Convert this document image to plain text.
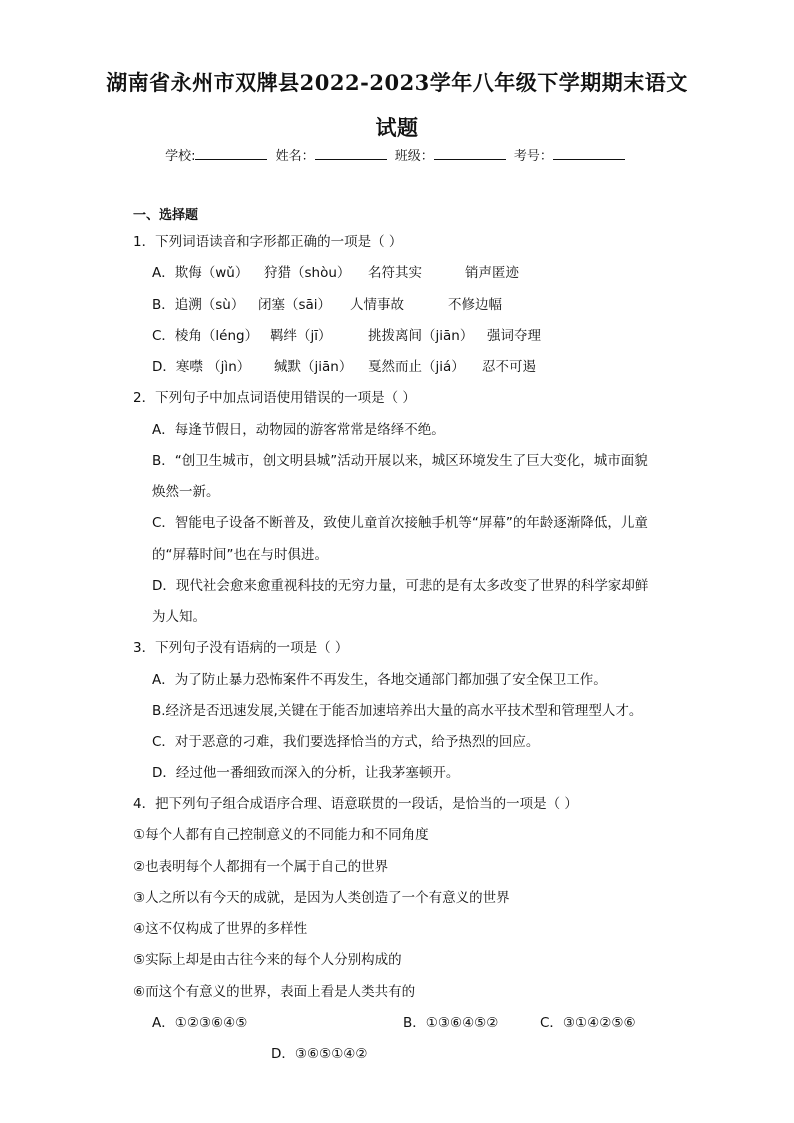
湖南省永州市双牌县2022-2023学年八年级下学期期末语文
试题
学校:	姓名：	班级：	考号：
一、选择题
1．下列词语读音和字形都正确的一项是（ ）
A．欺侮（wǔ） 狩猎（shòu） 名符其实	销声匿迹
B．追溯（sù） 闭塞（sāi） 人情事故	不修边幅
C．棱角（léng） 羁绊（jī）	挑拨离间（jiān） 强词夺理
D．寒噤 （jìn） 缄默（jiān） 戛然而止（jiá） 忍不可遏
2．下列句子中加点词语使用错误的一项是（ ）
A．每逢节假日，动物园的游客常常是络绎不绝。
B．“创卫生城市，创文明县城”活动开展以来，城区环境发生了巨大变化，城市面貌
焕然一新。
C．智能电子设备不断普及，致使儿童首次接触手机等“屏幕”的年龄逐渐降低，儿童
的“屏幕时间”也在与时俱进。
D．现代社会愈来愈重视科技的无穷力量，可悲的是有太多改变了世界的科学家却鲜
为人知。
3．下列句子没有语病的一项是（ ）
A．为了防止暴力恐怖案件不再发生，各地交通部门都加强了安全保卫工作。
B.经济是否迅速发展,关键在于能否加速培养出大量的高水平技术型和管理型人才。
C．对于恶意的刁难，我们要选择恰当的方式，给予热烈的回应。
D．经过他一番细致而深入的分析，让我茅塞顿开。
4．把下列句子组合成语序合理、语意联贯的一段话，是恰当的一项是（ ）
①每个人都有自己控制意义的不同能力和不同角度
②也表明每个人都拥有一个属于自己的世界
③人之所以有今天的成就，是因为人类创造了一个有意义的世界
④这不仅构成了世界的多样性
⑤实际上却是由古往今来的每个人分别构成的
⑥而这个有意义的世界，表面上看是人类共有的
A．①②③⑥④⑤	B．①③⑥④⑤②	C．③①④②⑤⑥
D．③⑥⑤①④②
